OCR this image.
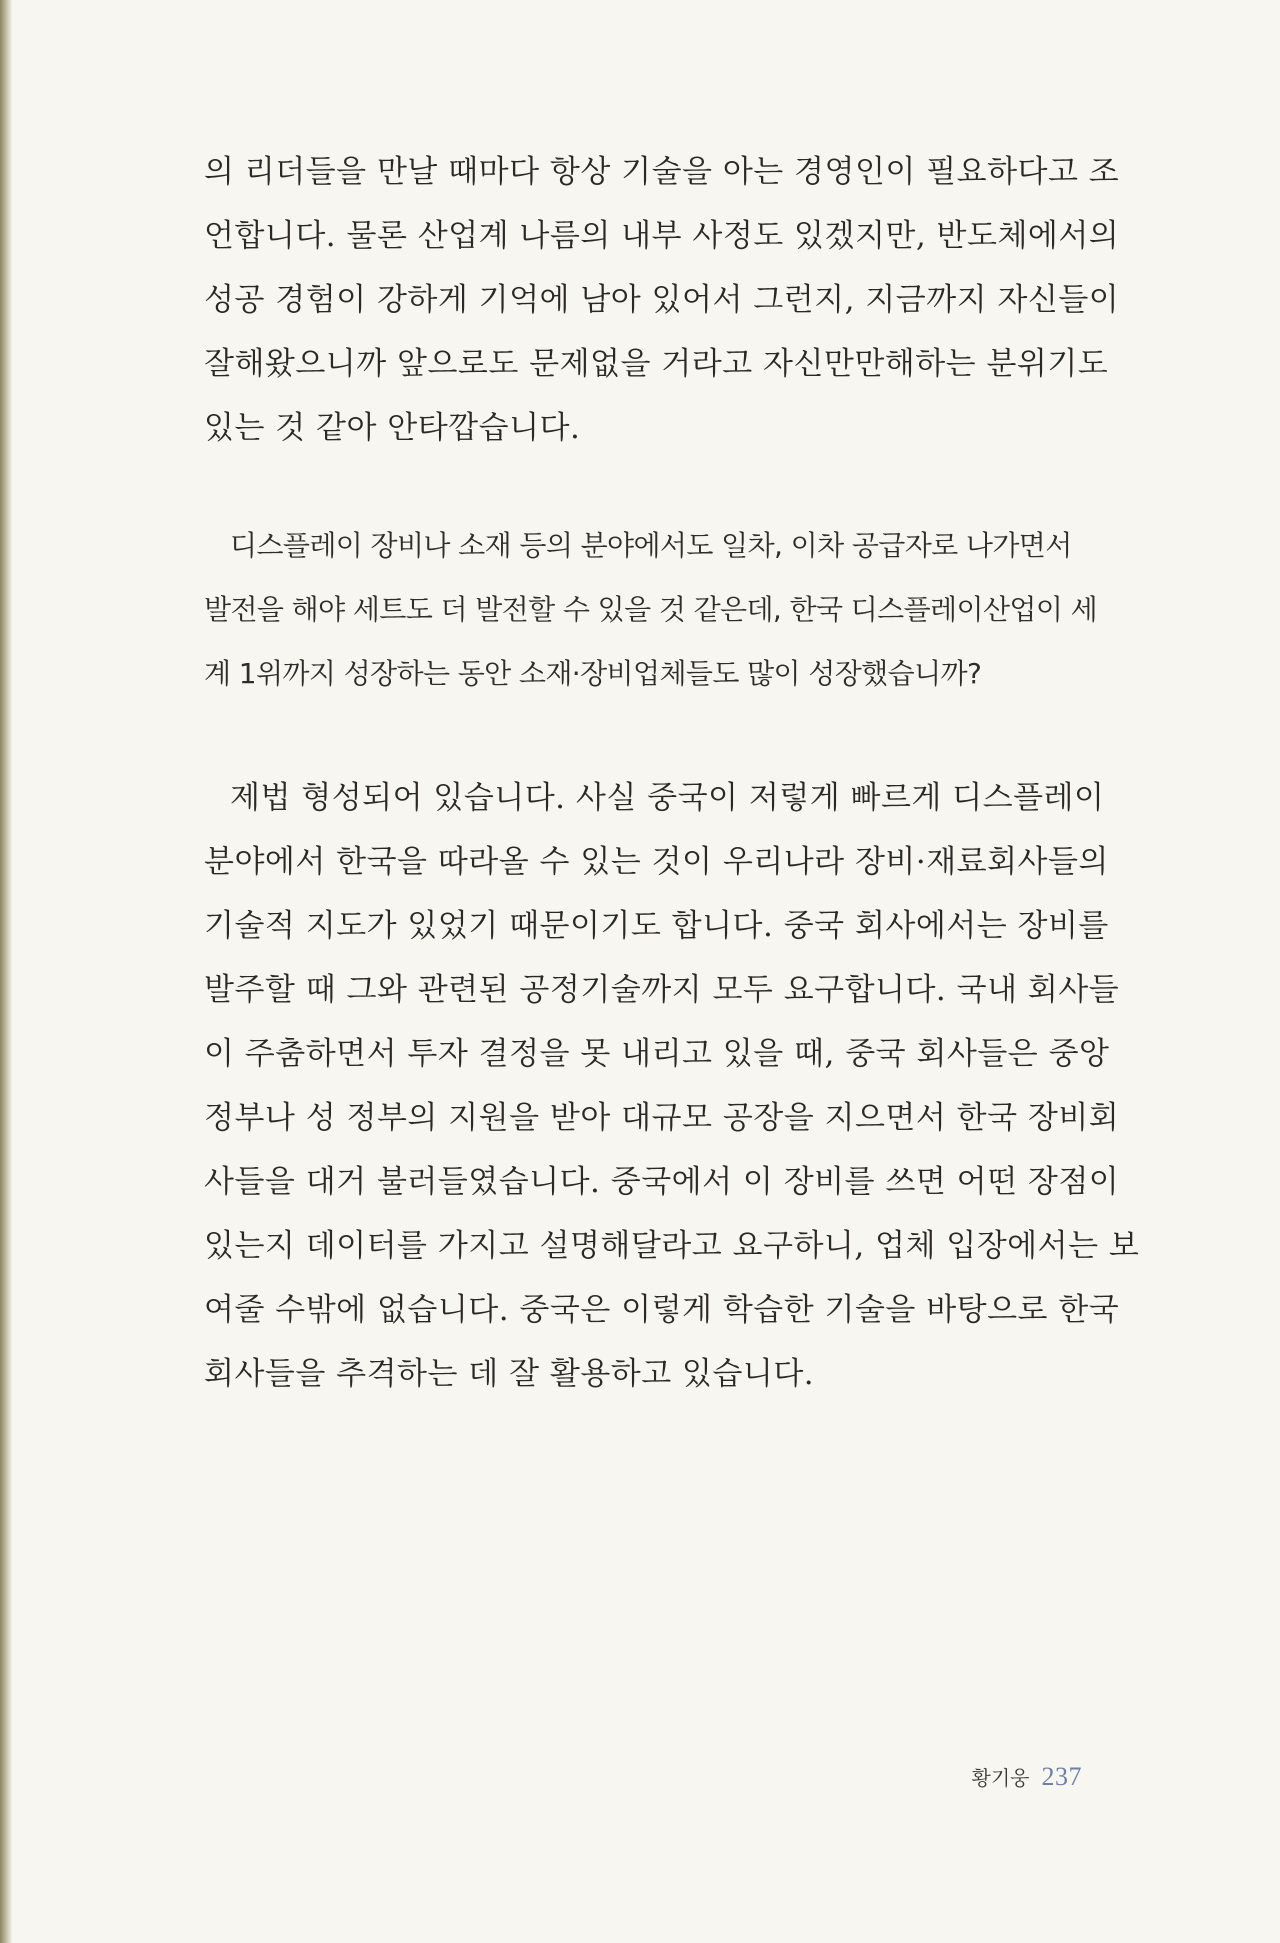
의 리더들을 만날 때마다 항상 기술을 아는 경영인이 필요하다고 조
언합니다. 물론 산업계 나름의 내부 사정도 있겠지만, 반도체에서의
성공 경험이 강하게 기억에 남아 있어서 그런지, 지금까지 자신들이
잘해왔으니까 앞으로도 문제없을 거라고 자신만만해하는 분위기도
있는 것 같아 안타깝습니다.
디스플레이 장비나 소재 등의 분야에서도 일차, 이차 공급자로 나가면서
발전을 해야 세트도 더 발전할 수 있을 것 같은데, 한국 디스플레이산업이 세
계 1위까지 성장하는 동안 소재·장비업체들도 많이 성장했습니까?
제법 형성되어 있습니다. 사실 중국이 저렇게 빠르게 디스플레이
분야에서 한국을 따라올 수 있는 것이 우리나라 장비·재료회사들의
기술적 지도가 있었기 때문이기도 합니다. 중국 회사에서는 장비를
발주할 때 그와 관련된 공정기술까지 모두 요구합니다. 국내 회사들
이 주춤하면서 투자 결정을 못 내리고 있을 때, 중국 회사들은 중앙
정부나 성 정부의 지원을 받아 대규모 공장을 지으면서 한국 장비회
사들을 대거 불러들였습니다. 중국에서 이 장비를 쓰면 어떤 장점이
있는지 데이터를 가지고 설명해달라고 요구하니, 업체 입장에서는 보
여줄 수밖에 없습니다. 중국은 이렇게 학습한 기술을 바탕으로 한국
회사들을 추격하는 데 잘 활용하고 있습니다.
황기웅 237
